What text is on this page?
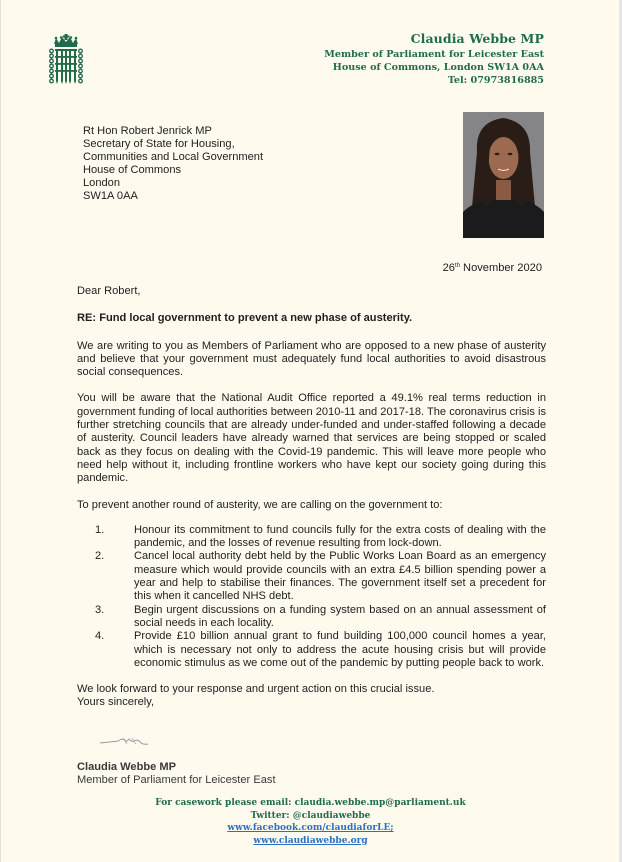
Claudia Webbe MP
Member of Parliament for Leicester East
House of Commons, London SW1A 0AA
Tel: 07973816885
Rt Hon Robert Jenrick MP
Secretary of State for Housing,
Communities and Local Government
House of Commons
London
SW1A 0AA
26th November 2020

Dear Robert,

RE: Fund local government to prevent a new phase of austerity.

We are writing to you as Members of Parliament who are opposed to a new phase of austerity and believe that your government must adequately fund local authorities to avoid disastrous social consequences.

You will be aware that the National Audit Office reported a 49.1% real terms reduction in government funding of local authorities between 2010-11 and 2017-18. The coronavirus crisis is further stretching councils that are already under-funded and under-staffed following a decade of austerity. Council leaders have already warned that services are being stopped or scaled back as they focus on dealing with the Covid-19 pandemic. This will leave more people who need help without it, including frontline workers who have kept our society going during this pandemic.

To prevent another round of austerity, we are calling on the government to:

1.	Honour its commitment to fund councils fully for the extra costs of dealing with the pandemic, and the losses of revenue resulting from lock-down.
2.	Cancel local authority debt held by the Public Works Loan Board as an emergency measure which would provide councils with an extra £4.5 billion spending power a year and help to stabilise their finances. The government itself set a precedent for this when it cancelled NHS debt.
3.	Begin urgent discussions on a funding system based on an annual assessment of social needs in each locality.
4.	Provide £10 billion annual grant to fund building 100,000 council homes a year, which is necessary not only to address the acute housing crisis but will provide economic stimulus as we come out of the pandemic by putting people back to work.

We look forward to your response and urgent action on this crucial issue.

Yours sincerely,

Claudia Webbe MP
Member of Parliament for Leicester East
For casework please email: claudia.webbe.mp@parliament.uk
Twitter: @claudiawebbe
www.facebook.com/claudiaforLE;
www.claudiawebbe.org
